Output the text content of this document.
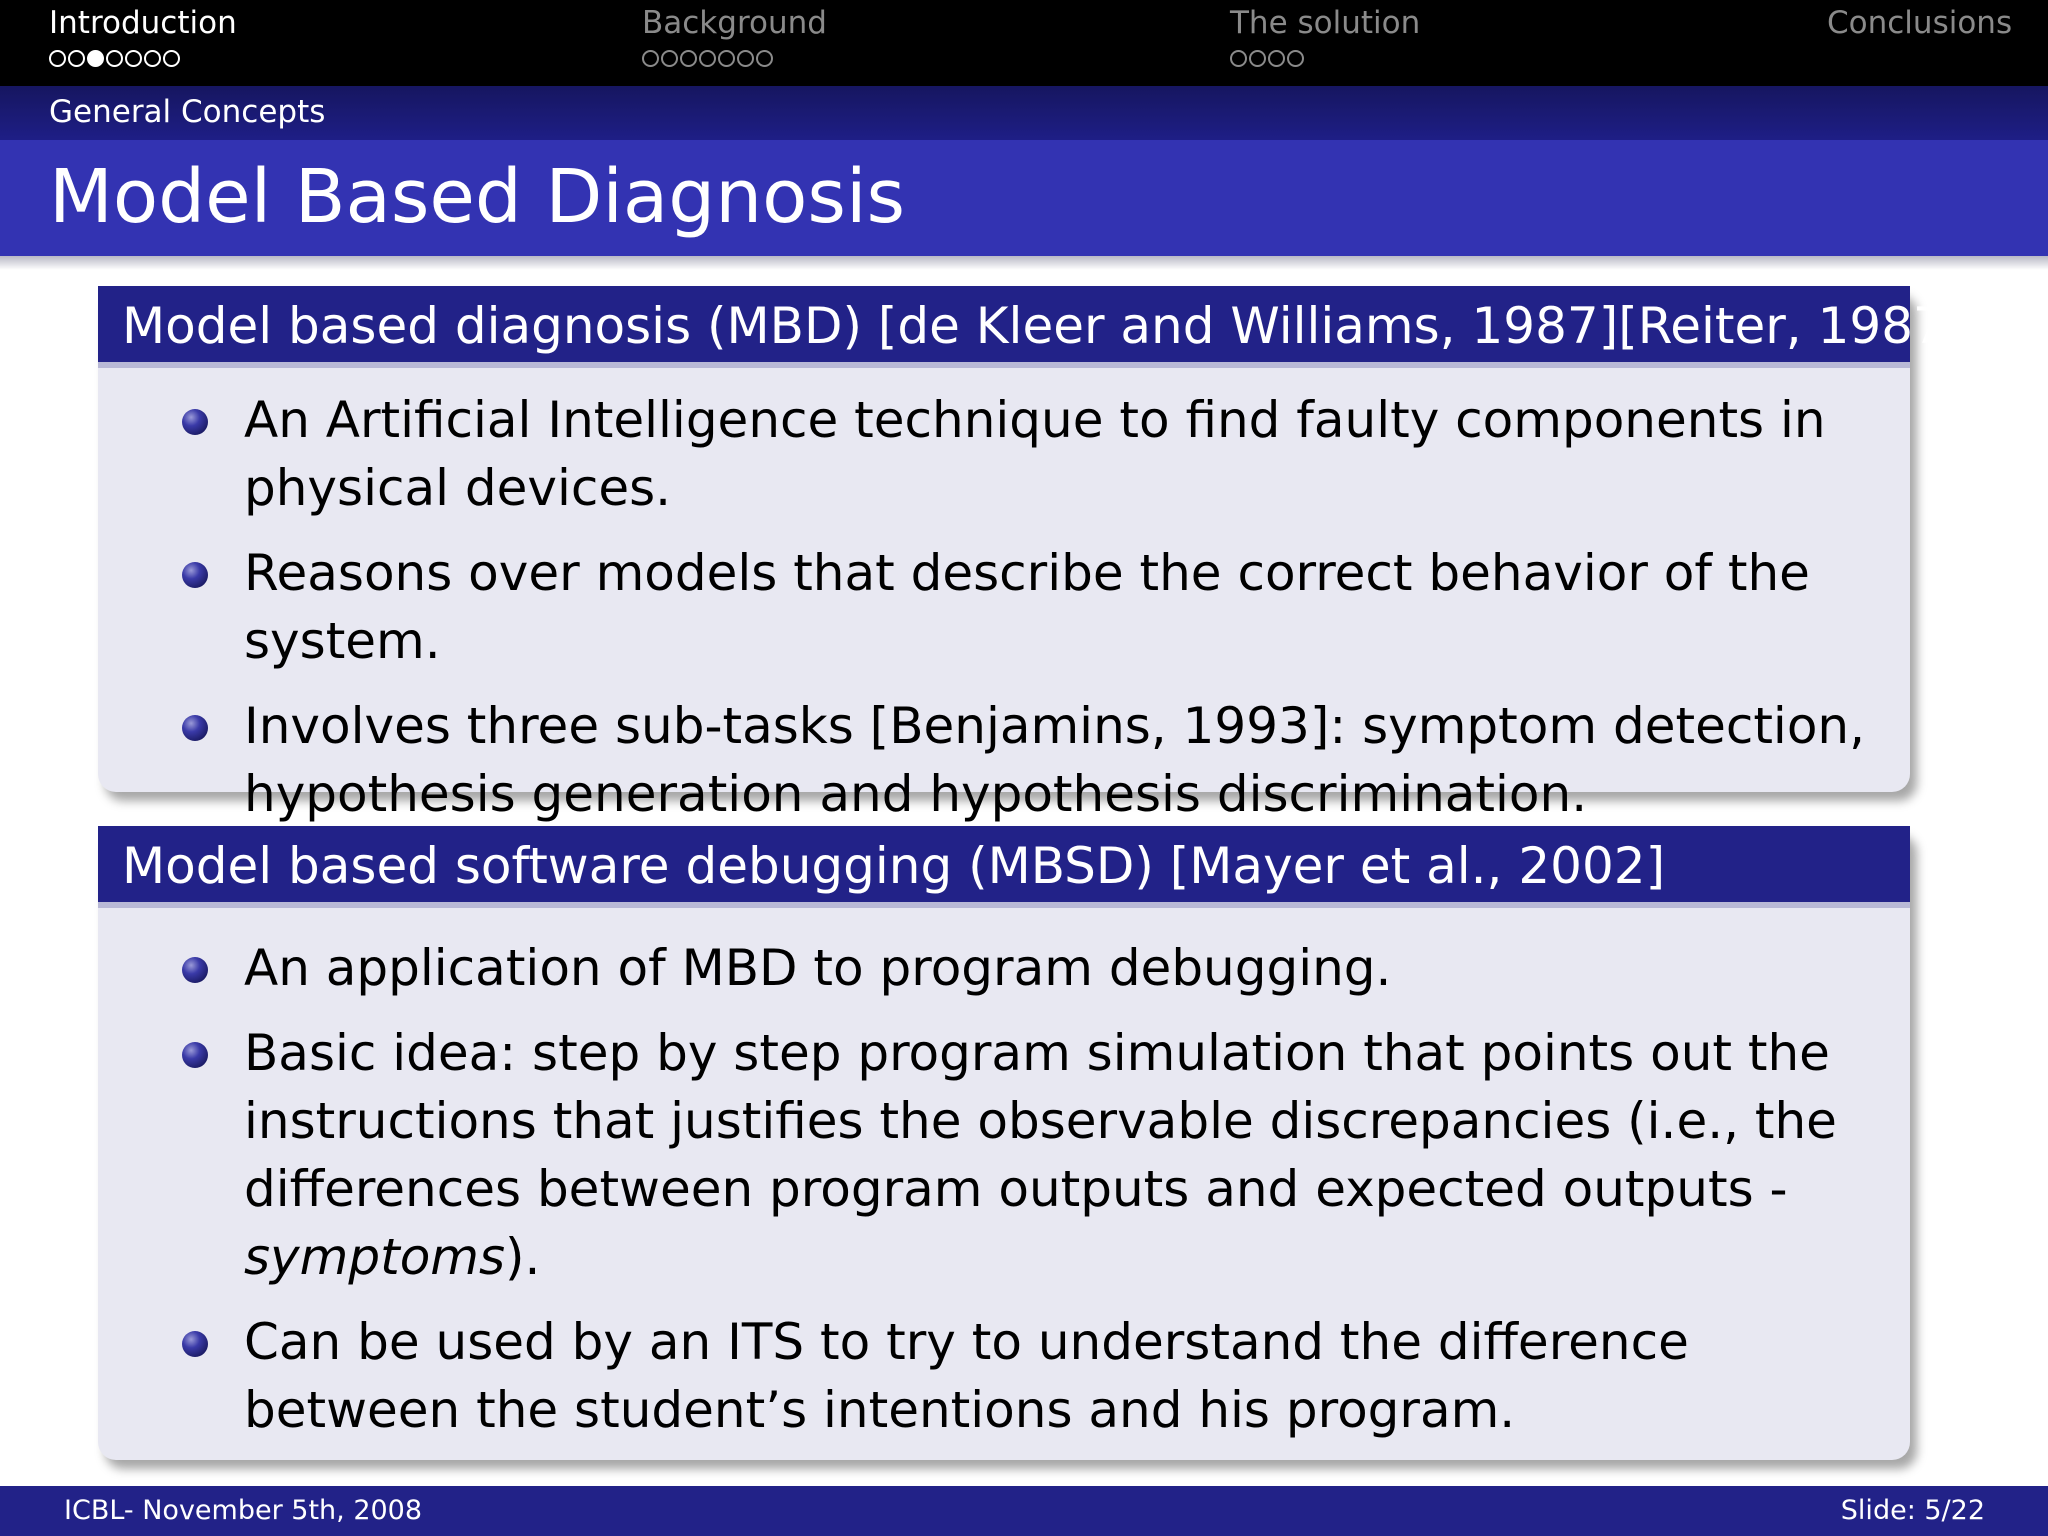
Introduction	Background	The solution	Conclusions
General Concepts
Model Based Diagnosis
Model based diagnosis (MBD) [de Kleer and Williams, 1987][Reiter, 1987]
An Artificial Intelligence technique to find faulty components in physical devices.
Reasons over models that describe the correct behavior of the system.
Involves three sub-tasks [Benjamins, 1993]: symptom detection, hypothesis generation and hypothesis discrimination.
Model based software debugging (MBSD) [Mayer et al., 2002]
An application of MBD to program debugging.
Basic idea: step by step program simulation that points out the instructions that justifies the observable discrepancies (i.e., the differences between program outputs and expected outputs - symptoms).
Can be used by an ITS to try to understand the difference between the student’s intentions and his program.
ICBL- November 5th, 2008	Slide: 5/22
